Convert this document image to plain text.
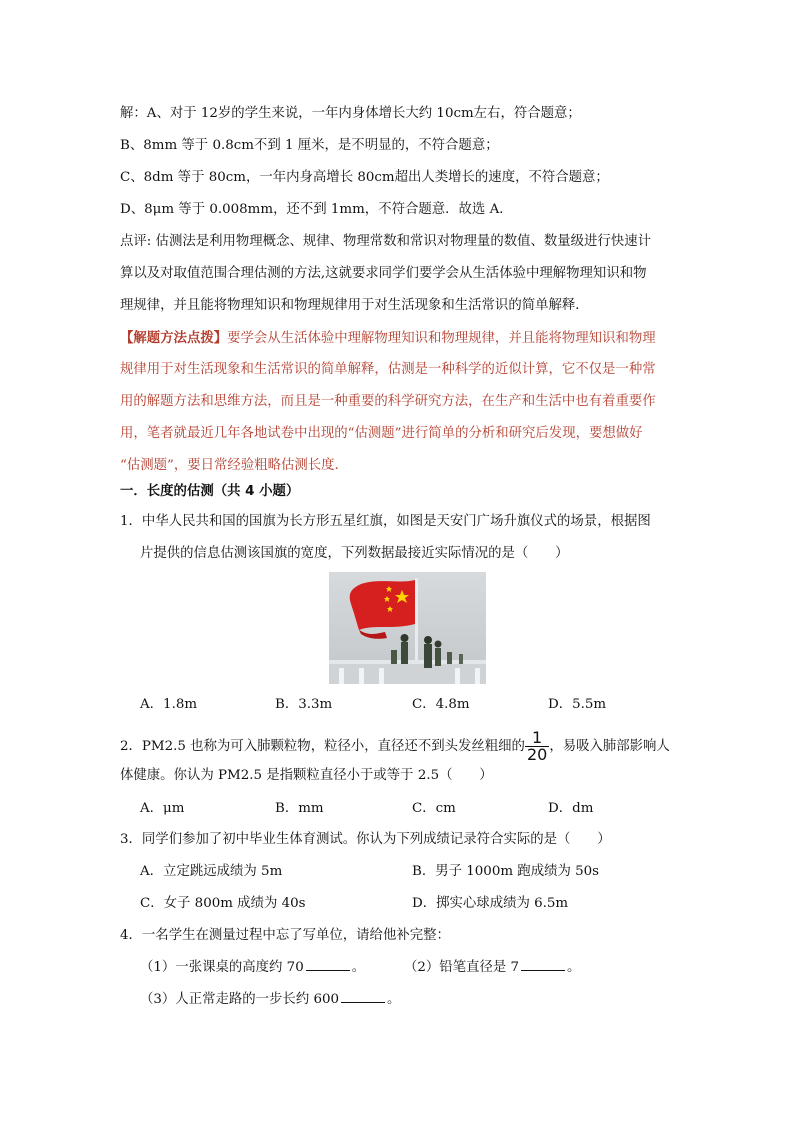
解：A、对于 12岁的学生来说，一年内身体增长大约 10cm左右，符合题意；
B、8mm 等于 0.8cm不到 1 厘米，是不明显的，不符合题意；
C、8dm 等于 80cm，一年内身高增长 80cm超出人类增长的速度，不符合题意；
D、8μm 等于 0.008mm，还不到 1mm，不符合题意．故选 A．
点评: 估测法是利用物理概念、规律、物理常数和常识对物理量的数值、数量级进行快速计
算以及对取值范围合理估测的方法,这就要求同学们要学会从生活体验中理解物理知识和物
理规律，并且能将物理知识和物理规律用于对生活现象和生活常识的简单解释．
【解题方法点拨】要学会从生活体验中理解物理知识和物理规律，并且能将物理知识和物理
规律用于对生活现象和生活常识的简单解释，估测是一种科学的近似计算，它不仅是一种常
用的解题方法和思维方法，而且是一种重要的科学研究方法，在生产和生活中也有着重要作
用，笔者就最近几年各地试卷中出现的“估测题”进行简单的分析和研究后发现，要想做好
“估测题”，要日常经验粗略估测长度.
一．长度的估测（共 4 小题）
1．中华人民共和国的国旗为长方形五星红旗，如图是天安门广场升旗仪式的场景，根据图
片提供的信息估测该国旗的宽度，下列数据最接近实际情况的是（　　）
A．1.8m	B．3.3m	C．4.8m	D．5.5m
2．PM2.5 也称为可入肺颗粒物，粒径小，直径还不到头发丝粗细的 $\frac{1}{20}$ ，易吸入肺部影响人
体健康。你认为 PM2.5 是指颗粒直径小于或等于 2.5（　　）
A．μm	B．mm	C．cm	D．dm
3．同学们参加了初中毕业生体育测试。你认为下列成绩记录符合实际的是（　　）
A．立定跳远成绩为 5m	B．男子 1000m 跑成绩为 50s
C．女子 800m 成绩为 40s	D．掷实心球成绩为 6.5m
4．一名学生在测量过程中忘了写单位，请给他补完整：
（1）一张课桌的高度约 70	。	（2）铅笔直径是 7	。
（3）人正常走路的一步长约 600	。
